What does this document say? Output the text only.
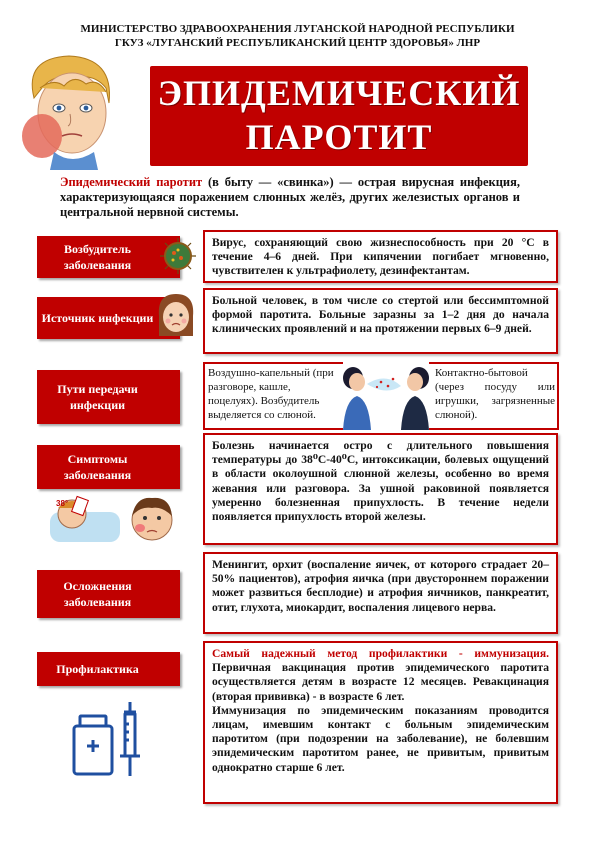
МИНИСТЕРСТВО ЗДРАВООХРАНЕНИЯ ЛУГАНСКОЙ НАРОДНОЙ РЕСПУБЛИКИ
ГКУЗ «ЛУГАНСКИЙ РЕСПУБЛИКАНСКИЙ ЦЕНТР ЗДОРОВЬЯ» ЛНР
ЭПИДЕМИЧЕСКИЙ
ПАРОТИТ
Эпидемический паротит (в быту — «свинка») — острая вирусная инфекция, характеризующаяся поражением слюнных желёз, других железистых органов и центральной нервной системы.
Возбудитель заболевания

Вирус, сохраняющий свою жизнеспособность при 20 °С в течение 4–6 дней. При кипячении погибает мгновенно, чувствителен к ультрафиолету, дезинфектантам.

Источник инфекции

Больной человек, в том числе со стертой или бессимптомной формой паротита. Больные заразны за 1–2 дня до начала клинических проявлений и на протяжении первых 6–9 дней.

Пути передачи инфекции
Воздушно-капельный (при разговоре, кашле, поцелуях). Возбудитель выделяется со слюной.
Контактно-бытовой (через посуду или игрушки, загрязненные слюной).
Симптомы заболевания
38°

Болезнь начинается остро с длительного повышения температуры до 38⁰С-40⁰С, интоксикации, болевых ощущений в области околоушной слюнной железы, особенно во время жевания или разговора. За ушной раковиной появляется умеренно болезненная припухлость. В течение недели появляется припухлость второй железы.

Осложнения заболевания

Менингит, орхит (воспаление яичек, от которого страдает 20–50% пациентов), атрофия яичка (при двустороннем поражении может развиться бесплодие) и атрофия яичников, панкреатит, отит, глухота, миокардит, воспаления лицевого нерва.

Профилактика

Самый надежный метод профилактики - иммунизация. Первичная вакцинация против эпидемического паротита осуществляется детям в возрасте 12 месяцев. Ревакцинация (вторая прививка) - в возрасте 6 лет.

Иммунизация по эпидемическим показаниям проводится лицам, имевшим контакт с больным эпидемическим паротитом (при подозрении на заболевание), не болевшим эпидемическим паротитом ранее, не привитым, привитым однократно старше 6 лет.
